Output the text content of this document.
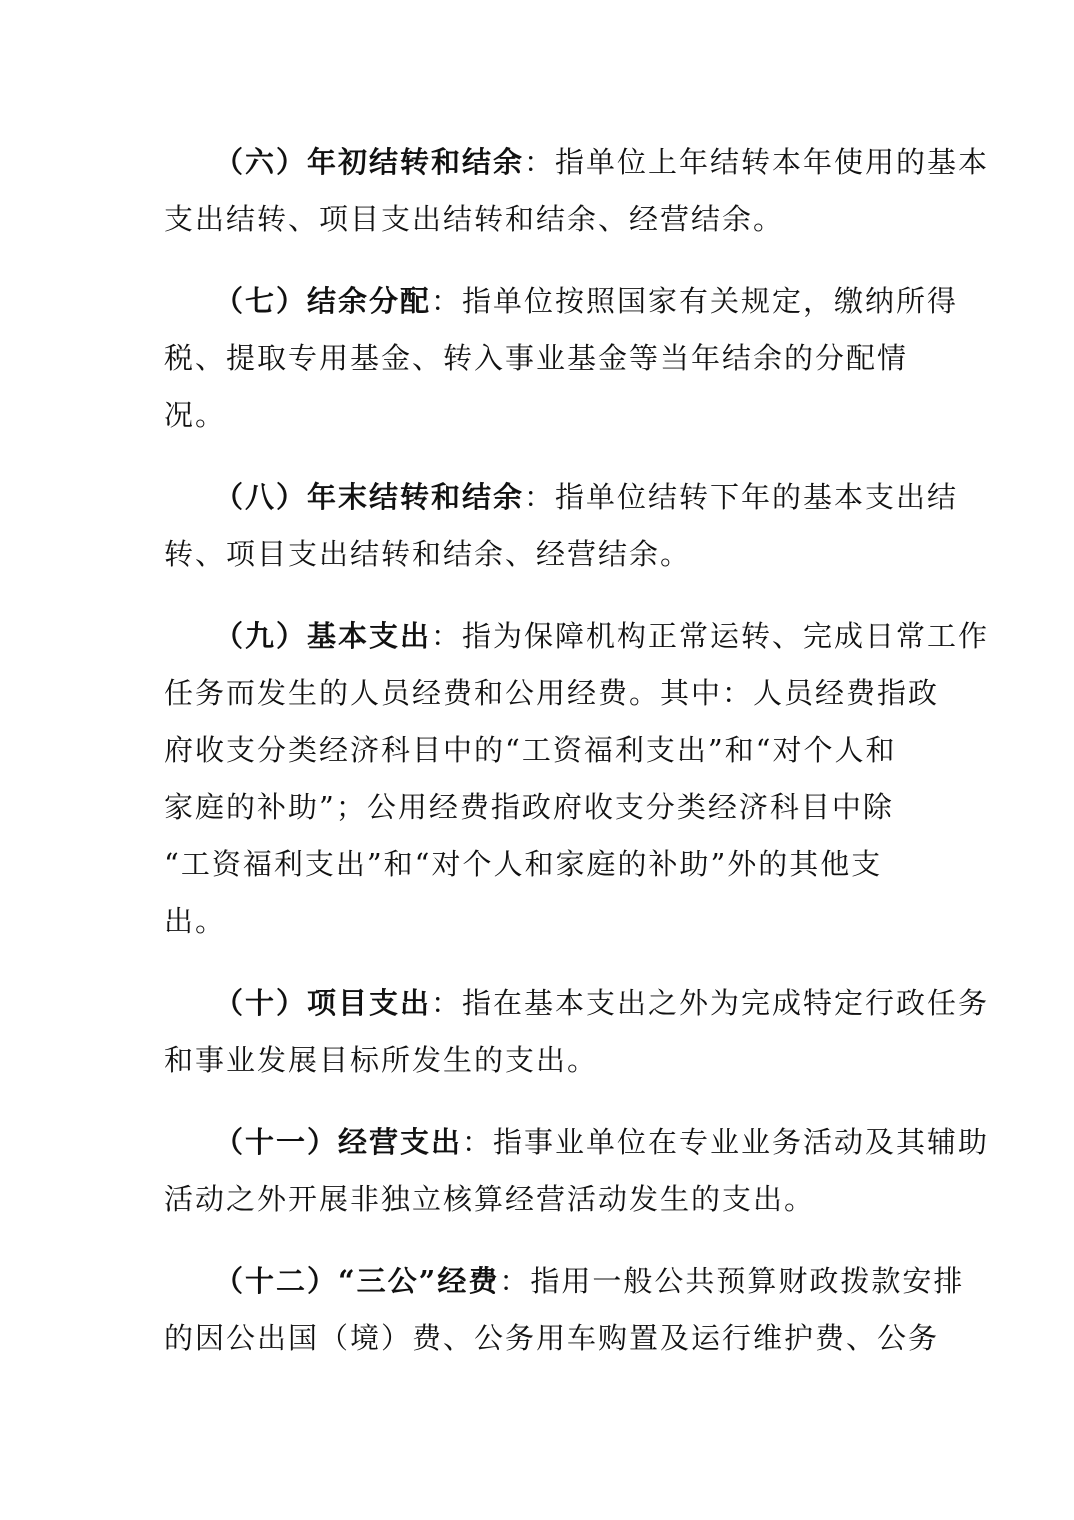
（六）年初结转和结余：指单位上年结转本年使用的基本
支出结转、项目支出结转和结余、经营结余。

（七）结余分配：指单位按照国家有关规定，缴纳所得
税、提取专用基金、转入事业基金等当年结余的分配情
况。

（八）年末结转和结余：指单位结转下年的基本支出结
转、项目支出结转和结余、经营结余。

（九）基本支出：指为保障机构正常运转、完成日常工作
任务而发生的人员经费和公用经费。其中：人员经费指政
府收支分类经济科目中的“工资福利支出”和“对个人和
家庭的补助”；公用经费指政府收支分类经济科目中除
“工资福利支出”和“对个人和家庭的补助”外的其他支
出。

（十）项目支出：指在基本支出之外为完成特定行政任务
和事业发展目标所发生的支出。

（十一）经营支出：指事业单位在专业业务活动及其辅助
活动之外开展非独立核算经营活动发生的支出。

（十二）“三公”经费：指用一般公共预算财政拨款安排
的因公出国（境）费、公务用车购置及运行维护费、公务
